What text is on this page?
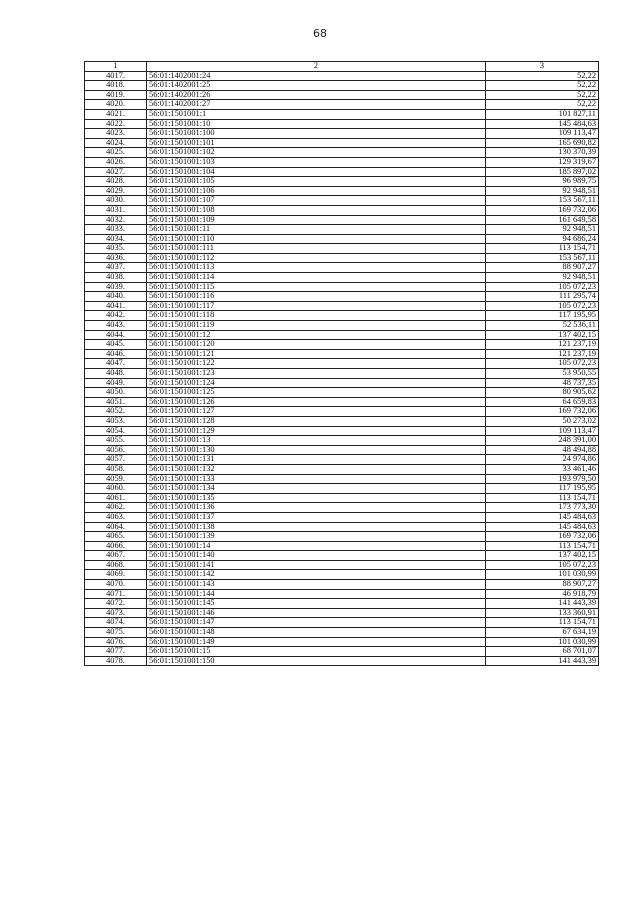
68
1	2	3
4017.	56:01:1402001:24	52,22
4018.	56:01:1402001:25	52,22
4019.	56:01:1402001:26	52,22
4020.	56:01:1402001:27	52,22
4021.	56:01:1501001:1	101 827,11
4022.	56:01:1501001:10	145 484,63
4023.	56:01:1501001:100	109 113,47
4024.	56:01:1501001:101	165 690,82
4025.	56:01:1501001:102	130 370,39
4026.	56:01:1501001:103	129 319,67
4027.	56:01:1501001:104	185 897,02
4028.	56:01:1501001:105	96 989,75
4029.	56:01:1501001:106	92 948,51
4030.	56:01:1501001:107	153 567,11
4031.	56:01:1501001:108	169 732,06
4032.	56:01:1501001:109	161 649,58
4033.	56:01:1501001:11	92 948,51
4034.	56:01:1501001:110	94 686,24
4035.	56:01:1501001:111	113 154,71
4036.	56:01:1501001:112	153 567,11
4037.	56:01:1501001:113	88 907,27
4038.	56:01:1501001:114	92 948,51
4039.	56:01:1501001:115	105 072,23
4040.	56:01:1501001:116	111 295,74
4041.	56:01:1501001:117	105 072,23
4042.	56:01:1501001:118	117 195,95
4043.	56:01:1501001:119	52 536,11
4044.	56:01:1501001:12	137 402,15
4045.	56:01:1501001:120	121 237,19
4046.	56:01:1501001:121	121 237,19
4047.	56:01:1501001:122	105 072,23
4048.	56:01:1501001:123	53 950,55
4049.	56:01:1501001:124	48 737,35
4050.	56:01:1501001:125	80 905,62
4051.	56:01:1501001:126	64 659,83
4052.	56:01:1501001:127	169 732,06
4053.	56:01:1501001:128	50 273,02
4054.	56:01:1501001:129	109 113,47
4055.	56:01:1501001:13	248 391,00
4056.	56:01:1501001:130	48 494,88
4057.	56:01:1501001:131	24 974,86
4058.	56:01:1501001:132	33 461,46
4059.	56:01:1501001:133	193 979,50
4060.	56:01:1501001:134	117 195,95
4061.	56:01:1501001:135	113 154,71
4062.	56:01:1501001:136	173 773,30
4063.	56:01:1501001:137	145 484,63
4064.	56:01:1501001:138	145 484,63
4065.	56:01:1501001:139	169 732,06
4066.	56:01:1501001:14	113 154,71
4067.	56:01:1501001:140	137 402,15
4068.	56:01:1501001:141	105 072,23
4069.	56:01:1501001:142	101 030,99
4070.	56:01:1501001:143	88 907,27
4071.	56:01:1501001:144	46 918,79
4072.	56:01:1501001:145	141 443,39
4073.	56:01:1501001:146	133 360,91
4074.	56:01:1501001:147	113 154,71
4075.	56:01:1501001:148	67 634,19
4076.	56:01:1501001:149	101 030,99
4077.	56:01:1501001:15	68 701,07
4078.	56:01:1501001:150	141 443,39
